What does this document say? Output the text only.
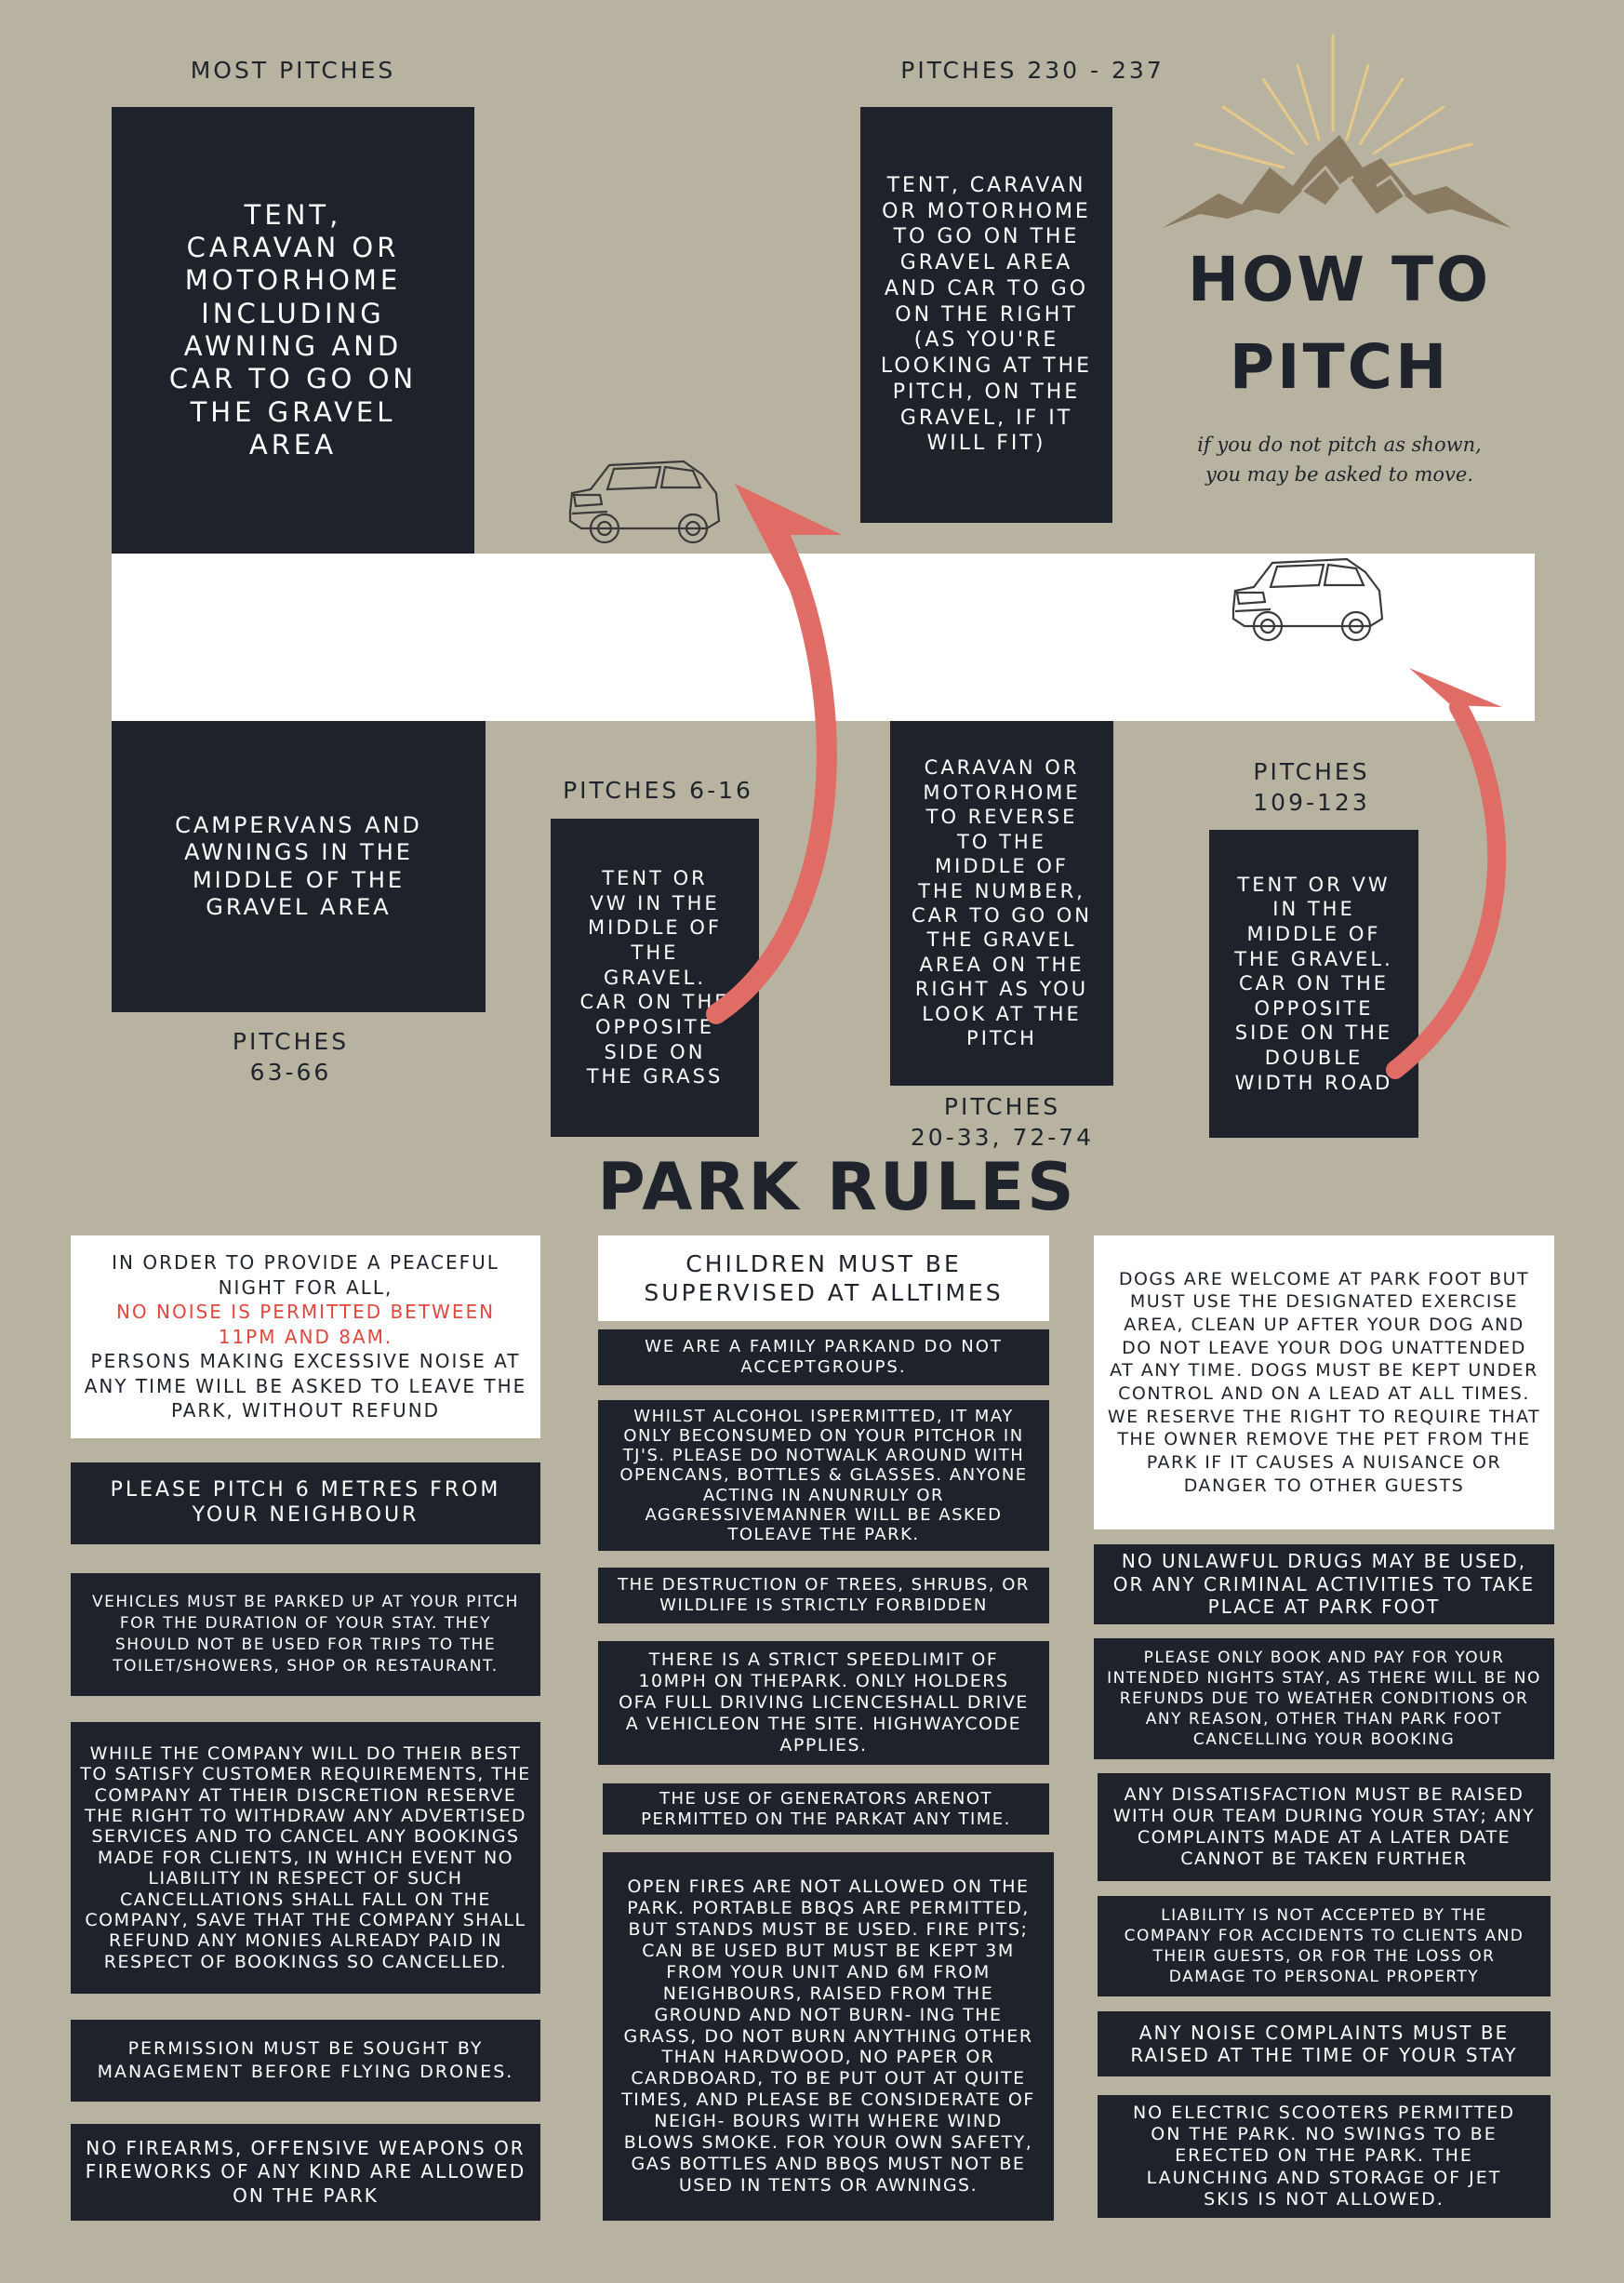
MOST PITCHES
TENT, CARAVAN OR MOTORHOME INCLUDING AWNING AND CAR TO GO ON THE GRAVEL AREA
PITCHES 230 - 237
TENT, CARAVAN OR MOTORHOME TO GO ON THE GRAVEL AREA AND CAR TO GO ON THE RIGHT (AS YOU'RE LOOKING AT THE PITCH, ON THE GRAVEL, IF IT WILL FIT)
HOW TO
PITCH
if you do not pitch as shown,
you may be asked to move.
CAMPERVANS AND AWNINGS IN THE MIDDLE OF THE GRAVEL AREA
PITCHES
63-66
PITCHES 6-16
TENT OR VW IN THE MIDDLE OF THE GRAVEL. CAR ON THE OPPOSITE SIDE ON THE GRASS
CARAVAN OR MOTORHOME TO REVERSE TO THE MIDDLE OF THE NUMBER, CAR TO GO ON THE GRAVEL AREA ON THE RIGHT AS YOU LOOK AT THE PITCH
PITCHES
20-33, 72-74
PITCHES
109-123
TENT OR VW IN THE MIDDLE OF THE GRAVEL. CAR ON THE OPPOSITE SIDE ON THE DOUBLE WIDTH ROAD
PARK RULES
IN ORDER TO PROVIDE A PEACEFUL NIGHT FOR ALL,
NO NOISE IS PERMITTED BETWEEN 11PM AND 8AM.
PERSONS MAKING EXCESSIVE NOISE AT ANY TIME WILL BE ASKED TO LEAVE THE PARK, WITHOUT REFUND
PLEASE PITCH 6 METRES FROM YOUR NEIGHBOUR
VEHICLES MUST BE PARKED UP AT YOUR PITCH FOR THE DURATION OF YOUR STAY. THEY SHOULD NOT BE USED FOR TRIPS TO THE TOILET/SHOWERS, SHOP OR RESTAURANT.
WHILE THE COMPANY WILL DO THEIR BEST TO SATISFY CUSTOMER REQUIREMENTS, THE COMPANY AT THEIR DISCRETION RESERVE THE RIGHT TO WITHDRAW ANY ADVERTISED SERVICES AND TO CANCEL ANY BOOKINGS MADE FOR CLIENTS, IN WHICH EVENT NO LIABILITY IN RESPECT OF SUCH CANCELLATIONS SHALL FALL ON THE COMPANY, SAVE THAT THE COMPANY SHALL REFUND ANY MONIES ALREADY PAID IN RESPECT OF BOOKINGS SO CANCELLED.
PERMISSION MUST BE SOUGHT BY MANAGEMENT BEFORE FLYING DRONES.
NO FIREARMS, OFFENSIVE WEAPONS OR FIREWORKS OF ANY KIND ARE ALLOWED ON THE PARK
CHILDREN MUST BE SUPERVISED AT ALLTIMES
WE ARE A FAMILY PARKAND DO NOT ACCEPTGROUPS.
WHILST ALCOHOL ISPERMITTED, IT MAY ONLY BECONSUMED ON YOUR PITCHOR IN TJ'S. PLEASE DO NOTWALK AROUND WITH OPENCANS, BOTTLES & GLASSES. ANYONE ACTING IN ANUNRULY OR AGGRESSIVEMANNER WILL BE ASKED TOLEAVE THE PARK.
THE DESTRUCTION OF TREES, SHRUBS, OR WILDLIFE IS STRICTLY FORBIDDEN
THERE IS A STRICT SPEEDLIMIT OF 10MPH ON THEPARK. ONLY HOLDERS OFA FULL DRIVING LICENCESHALL DRIVE A VEHICLEON THE SITE. HIGHWAYCODE APPLIES.
THE USE OF GENERATORS ARENOT PERMITTED ON THE PARKAT ANY TIME.
OPEN FIRES ARE NOT ALLOWED ON THE PARK. PORTABLE BBQS ARE PERMITTED, BUT STANDS MUST BE USED. FIRE PITS; CAN BE USED BUT MUST BE KEPT 3M FROM YOUR UNIT AND 6M FROM NEIGHBOURS, RAISED FROM THE GROUND AND NOT BURN- ING THE GRASS, DO NOT BURN ANYTHING OTHER THAN HARDWOOD, NO PAPER OR CARDBOARD, TO BE PUT OUT AT QUITE TIMES, AND PLEASE BE CONSIDERATE OF NEIGH- BOURS WITH WHERE WIND BLOWS SMOKE. FOR YOUR OWN SAFETY, GAS BOTTLES AND BBQS MUST NOT BE USED IN TENTS OR AWNINGS.
DOGS ARE WELCOME AT PARK FOOT BUT MUST USE THE DESIGNATED EXERCISE AREA, CLEAN UP AFTER YOUR DOG AND DO NOT LEAVE YOUR DOG UNATTENDED AT ANY TIME. DOGS MUST BE KEPT UNDER CONTROL AND ON A LEAD AT ALL TIMES. WE RESERVE THE RIGHT TO REQUIRE THAT THE OWNER REMOVE THE PET FROM THE PARK IF IT CAUSES A NUISANCE OR DANGER TO OTHER GUESTS
NO UNLAWFUL DRUGS MAY BE USED, OR ANY CRIMINAL ACTIVITIES TO TAKE PLACE AT PARK FOOT
PLEASE ONLY BOOK AND PAY FOR YOUR INTENDED NIGHTS STAY, AS THERE WILL BE NO REFUNDS DUE TO WEATHER CONDITIONS OR ANY REASON, OTHER THAN PARK FOOT CANCELLING YOUR BOOKING
ANY DISSATISFACTION MUST BE RAISED WITH OUR TEAM DURING YOUR STAY; ANY COMPLAINTS MADE AT A LATER DATE CANNOT BE TAKEN FURTHER
LIABILITY IS NOT ACCEPTED BY THE COMPANY FOR ACCIDENTS TO CLIENTS AND THEIR GUESTS, OR FOR THE LOSS OR DAMAGE TO PERSONAL PROPERTY
ANY NOISE COMPLAINTS MUST BE RAISED AT THE TIME OF YOUR STAY
NO ELECTRIC SCOOTERS PERMITTED ON THE PARK. NO SWINGS TO BE ERECTED ON THE PARK. THE LAUNCHING AND STORAGE OF JET SKIS IS NOT ALLOWED.
